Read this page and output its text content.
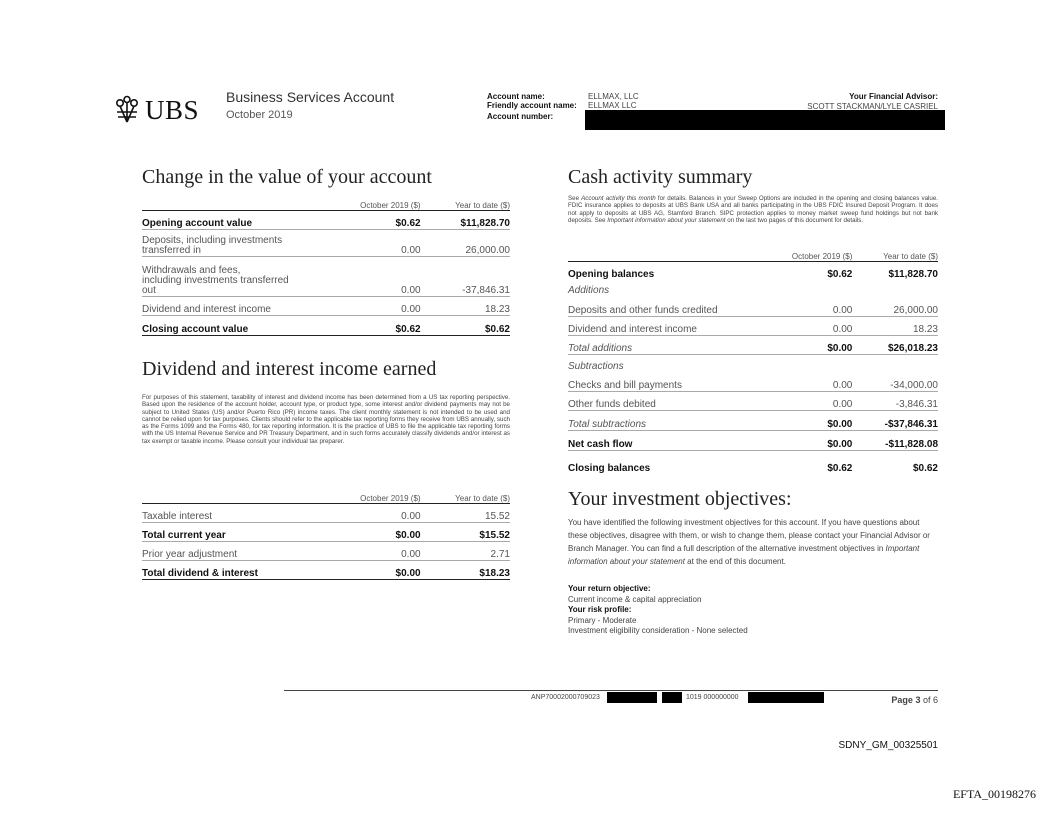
UBS Business Services Account
October 2019
Account name:	ELLMAX, LLC
Friendly account name: ELLMAX LLC
Account number:
Your Financial Advisor:
SCOTT STACKMAN/LYLE CASRIEL
Change in the value of your account
	October 2019 ($)	Year to date ($)
Opening account value	$0.62	$11,828.70
Deposits, including investments
transferred in	0.00	26,000.00
Withdrawals and fees,
including investments transferred
out	0.00	-37,846.31
Dividend and interest income	0.00	18.23
Closing account value	$0.62	$0.62
Dividend and interest income earned
For purposes of this statement, taxability of interest and dividend income has been determined from a US tax reporting perspective. Based upon the residence of the account holder, account type, or product type, some interest and/or dividend payments may not be subject to United States (US) and/or Puerto Rico (PR) income taxes. The client monthly statement is not intended to be used and cannot be relied upon for tax purposes. Clients should refer to the applicable tax reporting forms they receive from UBS annually, such as the Forms 1099 and the Forms 480, for tax reporting information. It is the practice of UBS to file the applicable tax reporting forms with the US Internal Revenue Service and PR Treasury Department, and in such forms accurately classify dividends and/or interest as tax exempt or taxable income. Please consult your individual tax preparer.
	October 2019 ($)	Year to date ($)
Taxable interest	0.00	15.52
Total current year	$0.00	$15.52
Prior year adjustment	0.00	2.71
Total dividend & interest	$0.00	$18.23
Cash activity summary
See Account activity this month for details. Balances in your Sweep Options are included in the opening and closing balances value. FDIC insurance applies to deposits at UBS Bank USA and all banks participating in the UBS FDIC Insured Deposit Program. It does not apply to deposits at UBS AG, Stamford Branch. SIPC protection applies to money market sweep fund holdings but not bank deposits. See Important information about your statement on the last two pages of this document for details.
	October 2019 ($)	Year to date ($)
Opening balances	$0.62	$11,828.70
Additions		
Deposits and other funds credited	0.00	26,000.00
Dividend and interest income	0.00	18.23
Total additions	$0.00	$26,018.23
Subtractions		
Checks and bill payments	0.00	-34,000.00
Other funds debited	0.00	-3,846.31
Total subtractions	$0.00	-$37,846.31
Net cash flow	$0.00	-$11,828.08
Closing balances	$0.62	$0.62
Your investment objectives:
You have identified the following investment objectives for this account. If you have questions about these objectives, disagree with them, or wish to change them, please contact your Financial Advisor or Branch Manager. You can find a full description of the alternative investment objectives in Important information about your statement at the end of this document.
Your return objective:
Current income & capital appreciation
Your risk profile:
Primary - Moderate
Investment eligibility consideration - None selected
ANP70002000709023	1019 000000000	Page 3 of 6
SDNY_GM_00325501
EFTA_00198276
